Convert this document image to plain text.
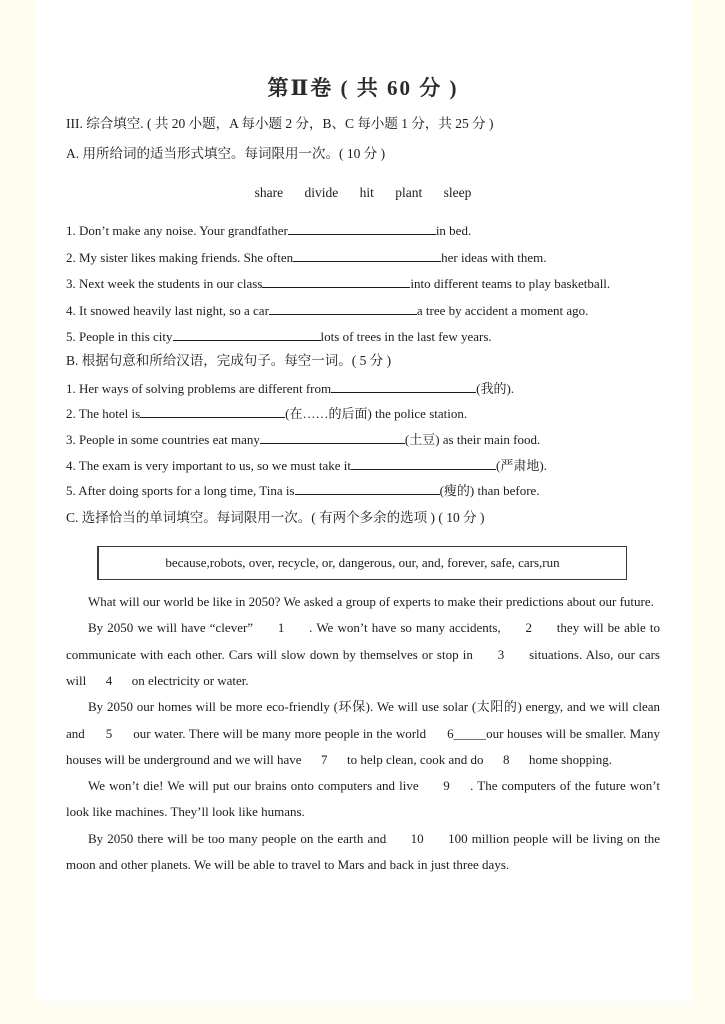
第Ⅱ卷 ( 共 60 分 )
III. 综合填空. ( 共 20 小题，A 每小题 2 分，B、C 每小题 1 分，共 25 分 )
A. 用所给词的适当形式填空。每词限用一次。( 10 分 )
share divide hit plant sleep
1. Don’t make any noise. Your grandfather	in bed.
2. My sister likes making friends. She often	her ideas with them.
3. Next week the students in our class	into different teams to play basketball.
4. It snowed heavily last night, so a car	a tree by accident a moment ago.
5. People in this city	lots of trees in the last few years.
B. 根据句意和所给汉语，完成句子。每空一词。( 5 分 )
1. Her ways of solving problems are different from	(我的).
2. The hotel is	(在……的后面) the police station.
3. People in some countries eat many	(土豆) as their main food.
4. The exam is very important to us, so we must take it	(严肃地).
5. After doing sports for a long time, Tina is	(瘦的) than before.
C. 选择恰当的单词填空。每词限用一次。( 有两个多余的选项 ) ( 10 分 )
because,robots, over, recycle, or, dangerous, our, and, forever, safe, cars,run

What will our world be like in 2050? We asked a group of experts to make their predictions about our future.

By 2050 we will have “clever”      1      . We won’t have so many accidents,      2      they will be able to communicate with each other. Cars will slow down by themselves or stop in      3      situations. Also, our cars will      4      on electricity or water.

By 2050 our homes will be more eco-friendly (环保). We will use solar (太阳的) energy, and we will clean and      5      our water. There will be many more people in the world      6_____our houses will be smaller. Many houses will be underground and we will have      7      to help clean, cook and do      8      home shopping.

We won’t die! We will put our brains onto computers and live      9     . The computers of the future won’t look like machines. They’ll look like humans.

By 2050 there will be too many people on the earth and      10      100 million people will be living on the moon and other planets. We will be able to travel to Mars and back in just three days.
